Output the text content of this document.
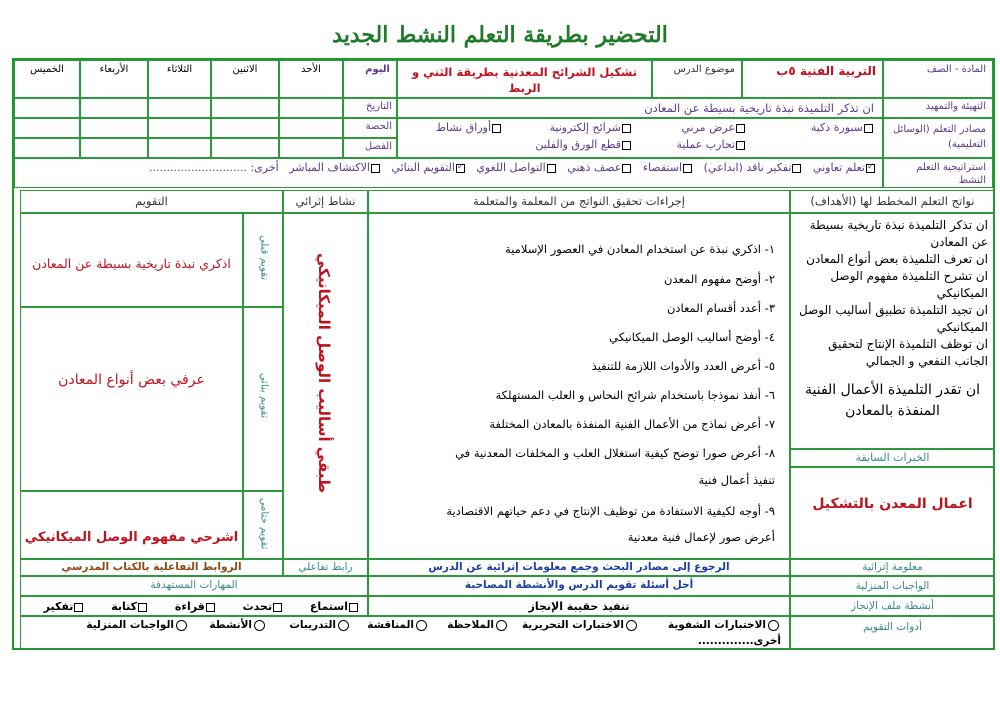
التحضير بطريقة التعلم النشط الجديد
المادة - الصف
التربية الفنية ٥ب
موضوع الدرس
تشكيل الشرائح المعدنية بطريقة الثني و الربط
اليوم
الأحد
الاثنين
الثلاثاء
الأربعاء
الخميس
التاريخ
الحصة
الفصل
التهيئة والتمهيد
ان تذكر التلميذة نبذة تاريخية بسيطة عن المعادن
مصادر التعلم (الوسائل التعليمية)
سبورة ذكية
عرض مرني
شرائح إلكترونية
أوراق نشاط
تجارب عملية
قطع الورق والفلين
استراتيجية التعلم النشط
✓تعلم تعاوني   تفكير ناقد (ابداعي)   استقصاء   عصف ذهني   التواصل اللغوي   ✓التقويم البنائي   الاكتشاف المباشر   أخرى: ............................
نواتج التعلم المخطط لها (الأهداف)
إجراءات تحقيق النواتج من المعلمة والمتعلمة
نشاط إثرائي
التقويم
ان تذكر التلميذة نبذة تاريخية بسيطة عن المعادن
ان تعرف التلميذة بعض أنواع المعادن
ان تشرح التلميذة مفهوم الوصل الميكانيكي
ان تجيد التلميذة تطبيق أساليب الوصل الميكانيكي
ان توظف التلميذة الإنتاج لتحقيق الجانب النفعي و الجمالي
ان تقدر التلميذة الأعمال الفنية المنفذة بالمعادن
الخبرات السابقة
اعمال المعدن بالتشكيل
١- اذكري نبذة عن استخدام المعادن في العصور الإسلامية
٢- أوضح مفهوم المعدن
٣- أعدد أقسام المعادن
٤- أوضح أساليب الوصل الميكانيكي
٥- أعرض العدد والأدوات اللازمة للتنفيذ
٦- أنفذ نموذجا باستخدام شرائح النحاس و العلب المستهلكة
٧- أعرض نماذج من الأعمال الفنية المنفذة بالمعادن المختلفة
٨- أعرض صورا توضح كيفية استغلال العلب و المخلفات المعدنية في
تنفيذ أعمال فنية
٩- أوجه لكيفية الاستفادة من توظيف الإنتاج في دعم حياتهم الاقتصادية
أعرض صور لإعمال فنية معدنية
طبقي أساليب الوصل الميكانيكي
تقويم قبلي
اذكري نبذة تاريخية بسيطة عن المعادن
تقويم بنائي
عرفي بعض أنواع المعادن
تقويم ختامي
اشرحي مفهوم الوصل الميكانيكي
معلومة إثرائية
الرجوع إلى مصادر البحث وجمع معلومات إثرائية عن الدرس
رابط تفاعلي
الروابط التفاعلية بالكتاب المدرسي
الواجبات المنزلية
أحل أسئلة تقويم الدرس والأنشطة المصاحبة
المهارات المستهدفة
أنشطة ملف الإنجاز
تنفيذ حقيبة الإنجاز
استماع       تحدث       قراءة       كتابة       تفكير
أدوات التقويم
الاختبارات الشفوية
الاختبارات التحريرية
الملاحظة
المناقشة
التدريبات
الأنشطة
الواجبات المنزلية
أخرى..............
